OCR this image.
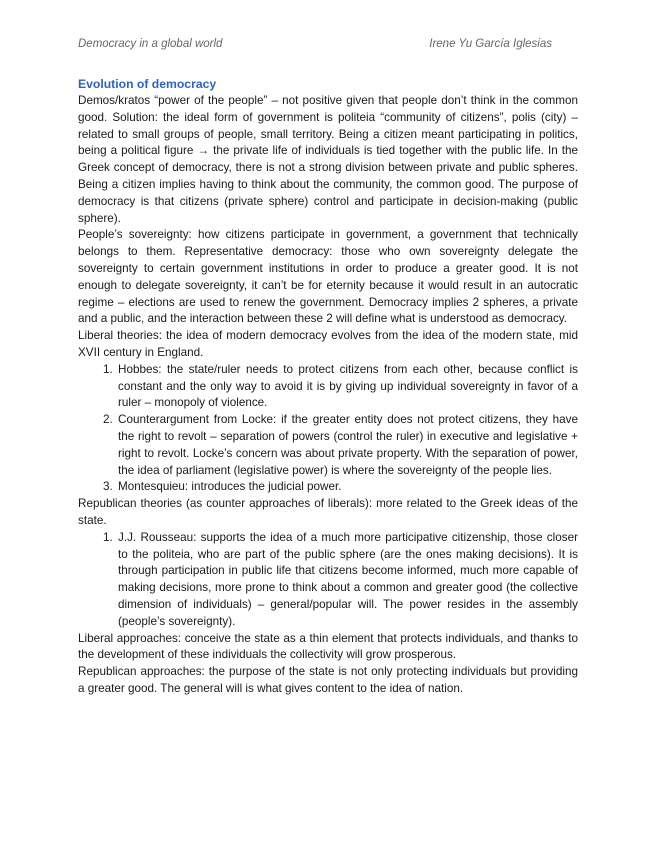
Democracy in a global world	Irene Yu García Iglesias
Evolution of democracy

Demos/kratos “power of the people” – not positive given that people don’t think in the common good. Solution: the ideal form of government is politeia “community of citizens”, polis (city) – related to small groups of people, small territory. Being a citizen meant participating in politics, being a political figure → the private life of individuals is tied together with the public life. In the Greek concept of democracy, there is not a strong division between private and public spheres. Being a citizen implies having to think about the community, the common good. The purpose of democracy is that citizens (private sphere) control and participate in decision-making (public sphere).

People’s sovereignty: how citizens participate in government, a government that technically belongs to them. Representative democracy: those who own sovereignty delegate the sovereignty to certain government institutions in order to produce a greater good. It is not enough to delegate sovereignty, it can’t be for eternity because it would result in an autocratic regime – elections are used to renew the government. Democracy implies 2 spheres, a private and a public, and the interaction between these 2 will define what is understood as democracy.

Liberal theories: the idea of modern democracy evolves from the idea of the modern state, mid XVII century in England.

1. Hobbes: the state/ruler needs to protect citizens from each other, because conflict is constant and the only way to avoid it is by giving up individual sovereignty in favor of a ruler – monopoly of violence.
2. Counterargument from Locke: if the greater entity does not protect citizens, they have the right to revolt – separation of powers (control the ruler) in executive and legislative + right to revolt. Locke’s concern was about private property. With the separation of power, the idea of parliament (legislative power) is where the sovereignty of the people lies.
3. Montesquieu: introduces the judicial power.

Republican theories (as counter approaches of liberals): more related to the Greek ideas of the state.

1. J.J. Rousseau: supports the idea of a much more participative citizenship, those closer to the politeia, who are part of the public sphere (are the ones making decisions). It is through participation in public life that citizens become informed, much more capable of making decisions, more prone to think about a common and greater good (the collective dimension of individuals) – general/popular will. The power resides in the assembly (people’s sovereignty).

Liberal approaches: conceive the state as a thin element that protects individuals, and thanks to the development of these individuals the collectivity will grow prosperous.

Republican approaches: the purpose of the state is not only protecting individuals but providing a greater good. The general will is what gives content to the idea of nation.
